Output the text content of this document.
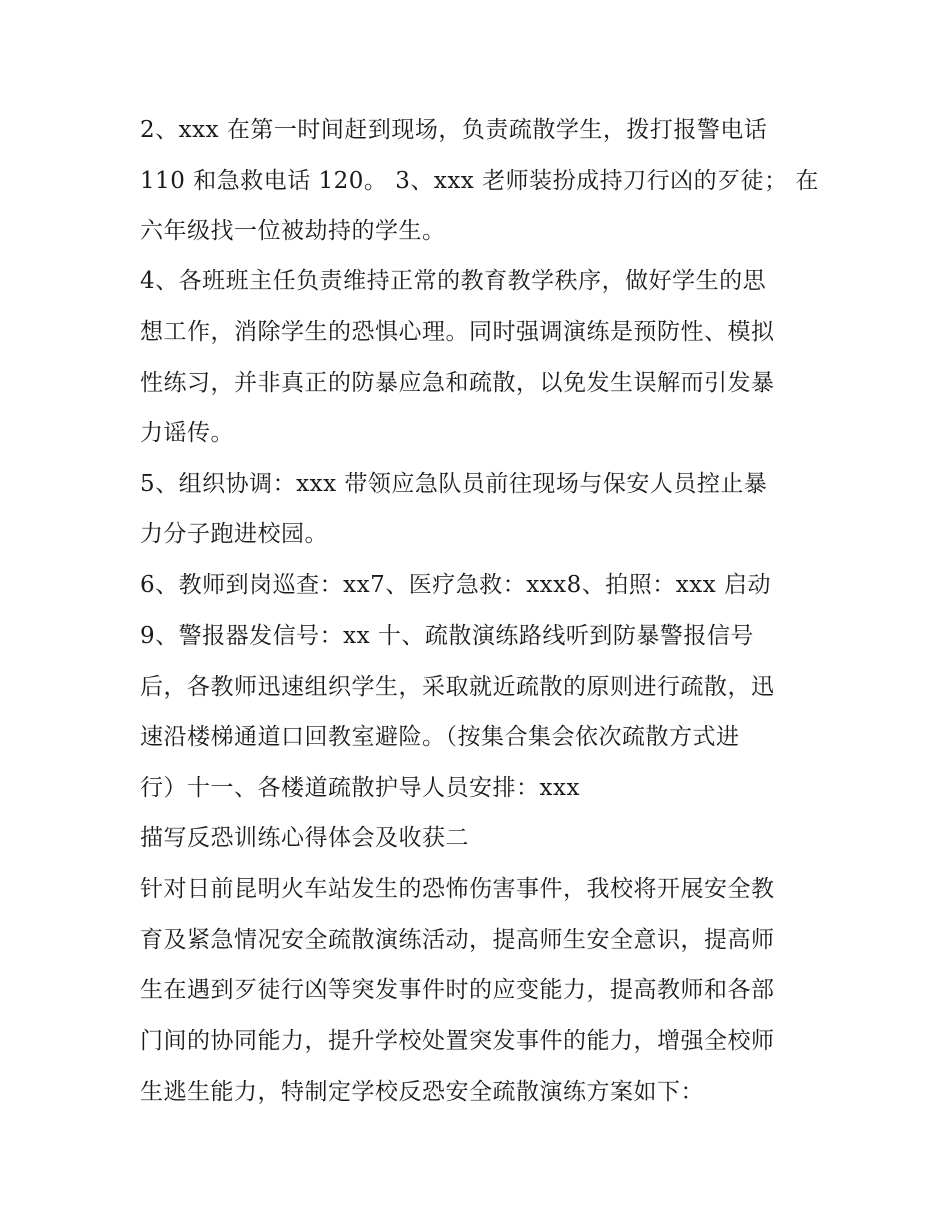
2、xxx 在第一时间赶到现场，负责疏散学生，拨打报警电话
110 和急救电话 120。 3、xxx 老师装扮成持刀行凶的歹徒； 在
六年级找一位被劫持的学生。
4、各班班主任负责维持正常的教育教学秩序，做好学生的思
想工作，消除学生的恐惧心理。同时强调演练是预防性、模拟
性练习，并非真正的防暴应急和疏散，以免发生误解而引发暴
力谣传。
5、组织协调：xxx 带领应急队员前往现场与保安人员控止暴
力分子跑进校园。
6、教师到岗巡查：xx7、医疗急救：xxx8、拍照：xxx 启动
9、警报器发信号：xx 十、疏散演练路线听到防暴警报信号
后，各教师迅速组织学生，采取就近疏散的原则进行疏散，迅
速沿楼梯通道口回教室避险。（按集合集会依次疏散方式进
行）十一、各楼道疏散护导人员安排：xxx
描写反恐训练心得体会及收获二
针对日前昆明火车站发生的恐怖伤害事件，我校将开展安全教
育及紧急情况安全疏散演练活动，提高师生安全意识，提高师
生在遇到歹徒行凶等突发事件时的应变能力，提高教师和各部
门间的协同能力，提升学校处置突发事件的能力，增强全校师
生逃生能力，特制定学校反恐安全疏散演练方案如下：
